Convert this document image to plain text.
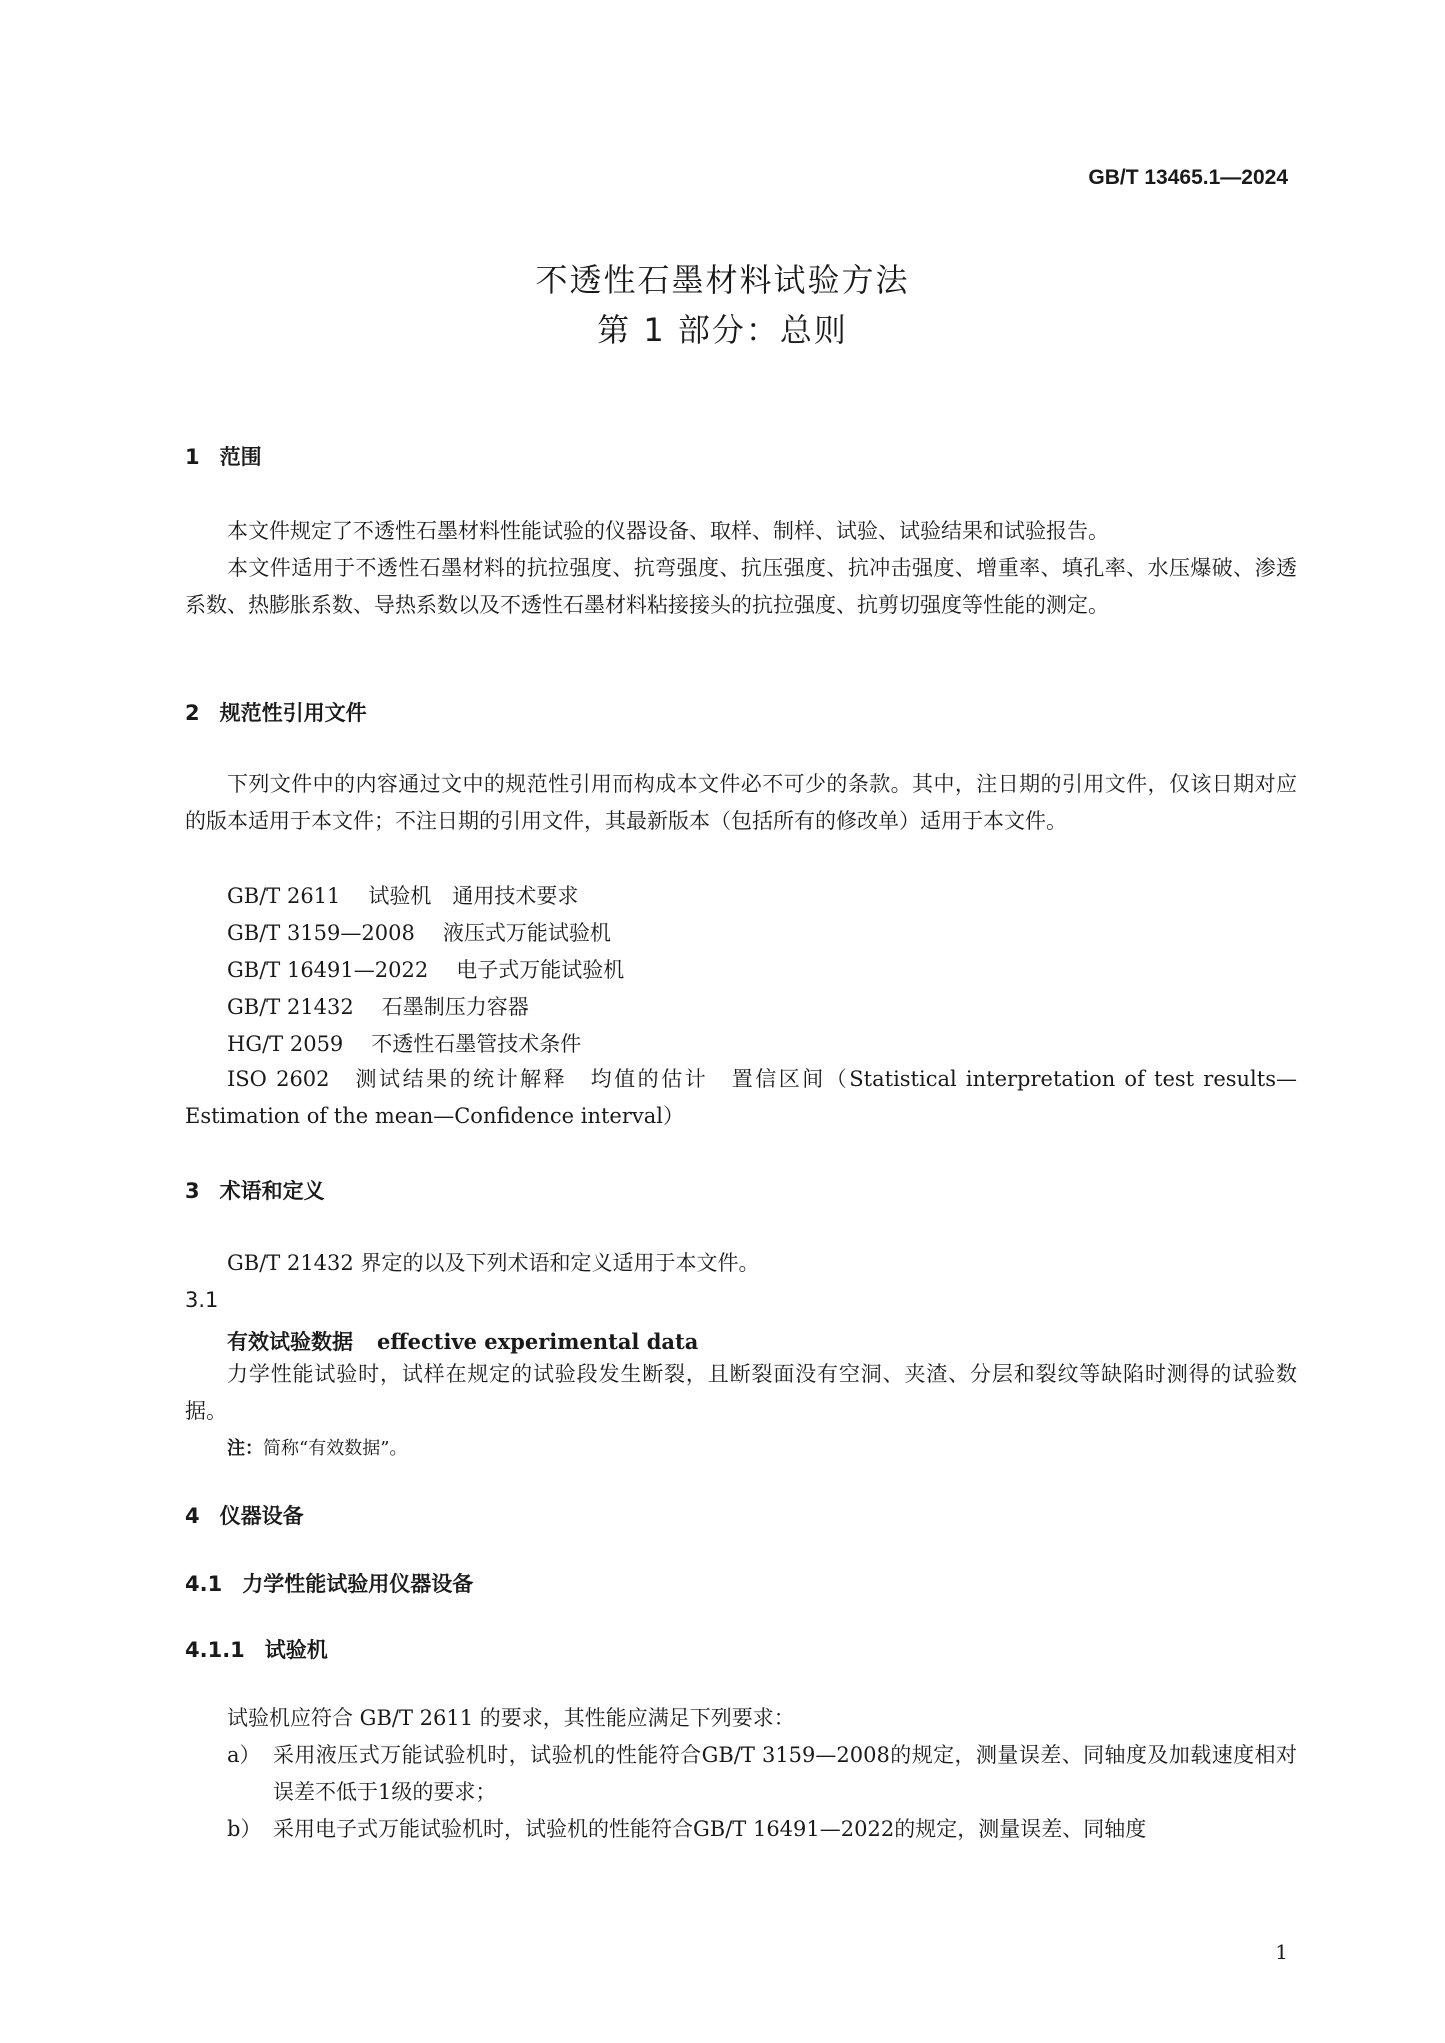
GB/T 13465.1—2024
不透性石墨材料试验方法
第 1 部分：总则
1 范围
本文件规定了不透性石墨材料性能试验的仪器设备、取样、制样、试验、试验结果和试验报告。
本文件适用于不透性石墨材料的抗拉强度、抗弯强度、抗压强度、抗冲击强度、增重率、填孔率、水压爆破、渗透系数、热膨胀系数、导热系数以及不透性石墨材料粘接接头的抗拉强度、抗剪切强度等性能的测定。
2 规范性引用文件
下列文件中的内容通过文中的规范性引用而构成本文件必不可少的条款。其中，注日期的引用文件，仅该日期对应的版本适用于本文件；不注日期的引用文件，其最新版本（包括所有的修改单）适用于本文件。
GB/T 2611 试验机　通用技术要求
GB/T 3159—2008 液压式万能试验机
GB/T 16491—2022 电子式万能试验机
GB/T 21432 石墨制压力容器
HG/T 2059 不透性石墨管技术条件
ISO 2602　测试结果的统计解释　均值的估计　置信区间（Statistical interpretation of test results—Estimation of the mean—Confidence interval）
3 术语和定义
GB/T 21432 界定的以及下列术语和定义适用于本文件。
3.1
有效试验数据 effective experimental data
力学性能试验时，试样在规定的试验段发生断裂，且断裂面没有空洞、夹渣、分层和裂纹等缺陷时测得的试验数据。
注：简称“有效数据”。
4 仪器设备
4.1 力学性能试验用仪器设备
4.1.1 试验机
试验机应符合 GB/T 2611 的要求，其性能应满足下列要求：
a） 采用液压式万能试验机时，试验机的性能符合GB/T 3159—2008的规定，测量误差、同轴度及加载速度相对误差不低于1级的要求；
b） 采用电子式万能试验机时，试验机的性能符合GB/T 16491—2022的规定，测量误差、同轴度
1
